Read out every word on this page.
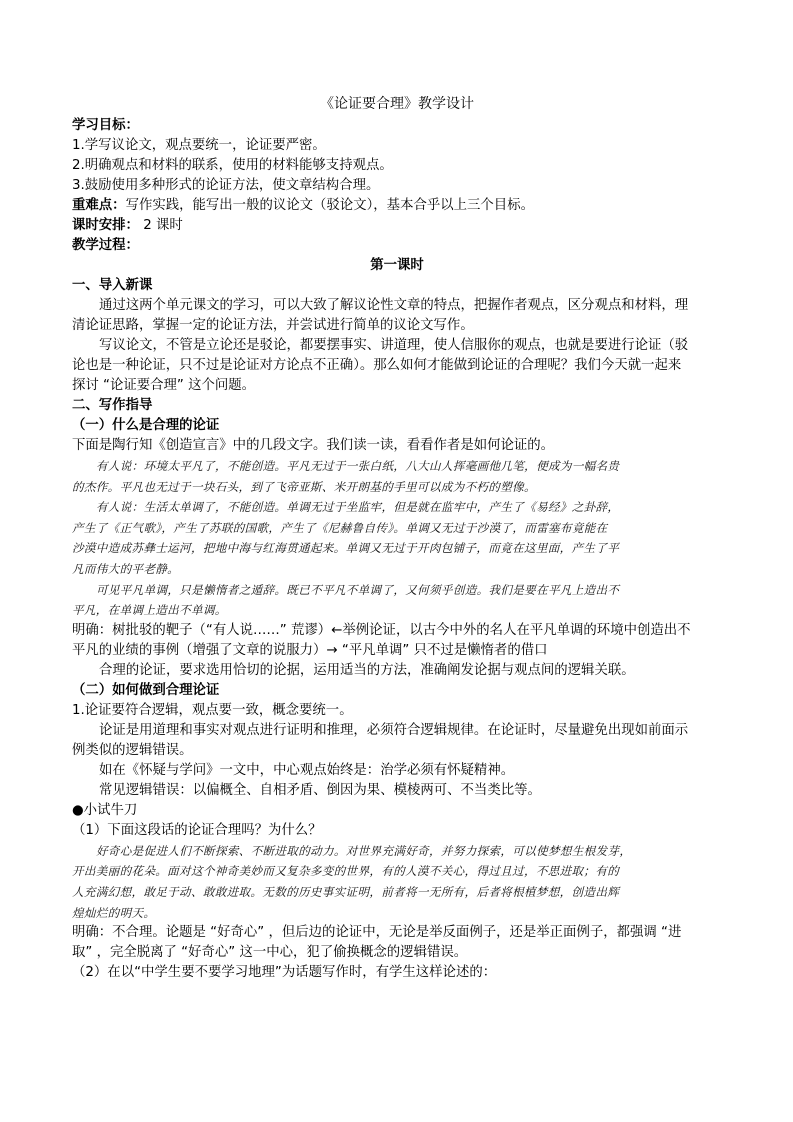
《论证要合理》教学设计

学习目标：

1.学写议论文，观点要统一，论证要严密。

2.明确观点和材料的联系，使用的材料能够支持观点。

3.鼓励使用多种形式的论证方法，使文章结构合理。

重难点：写作实践，能写出一般的议论文（驳论文），基本合乎以上三个目标。

课时安排： 2 课时

教学过程：

第一课时

一、导入新课

通过这两个单元课文的学习，可以大致了解议论性文章的特点，把握作者观点，区分观点和材料，理

清论证思路，掌握一定的论证方法，并尝试进行简单的议论文写作。

写议论文，不管是立论还是驳论，都要摆事实、讲道理，使人信服你的观点，也就是要进行论证（驳

论也是一种论证，只不过是论证对方论点不正确）。那么如何才能做到论证的合理呢？我们今天就一起来

探讨 “论证要合理” 这个问题。

二、写作指导

（一）什么是合理的论证

下面是陶行知《创造宣言》中的几段文字。我们读一读，看看作者是如何论证的。

有人说：环境太平凡了，不能创造。平凡无过于一张白纸，八大山人挥毫画他几笔，便成为一幅名贵

的杰作。平凡也无过于一块石头，到了飞帝亚斯、米开朗基的手里可以成为不朽的塑像。

有人说：生活太单调了，不能创造。单调无过于坐监牢，但是就在监牢中，产生了《易经》之卦辞，

产生了《正气歌》，产生了苏联的国歌，产生了《尼赫鲁自传》。单调又无过于沙漠了，而雷塞布竟能在

沙漠中造成苏彝士运河，把地中海与红海贯通起来。单调又无过于开肉包铺子，而竟在这里面，产生了平

凡而伟大的平老静。

可见平凡单调，只是懒惰者之遁辞。既已不平凡不单调了，又何须乎创造。我们是要在平凡上造出不

平凡，在单调上造出不单调。

明确：树批驳的靶子（“有人说……” 荒谬）←举例论证，以古今中外的名人在平凡单调的环境中创造出不

平凡的业绩的事例（增强了文章的说服力）→ “平凡单调” 只不过是懒惰者的借口

合理的论证，要求选用恰切的论据，运用适当的方法，准确阐发论据与观点间的逻辑关联。

（二）如何做到合理论证

1.论证要符合逻辑，观点要一致，概念要统一。

论证是用道理和事实对观点进行证明和推理，必须符合逻辑规律。在论证时，尽量避免出现如前面示

例类似的逻辑错误。

如在《怀疑与学问》一文中，中心观点始终是：治学必须有怀疑精神。

常见逻辑错误：以偏概全、自相矛盾、倒因为果、模棱两可、不当类比等。

●小试牛刀

（1）下面这段话的论证合理吗？为什么？

好奇心是促进人们不断探索、不断进取的动力。对世界充满好奇，并努力探索，可以使梦想生根发芽，

开出美丽的花朵。面对这个神奇美妙而又复杂多变的世界，有的人漠不关心，得过且过，不思进取；有的

人充满幻想，敢足于动、敢敢进取。无数的历史事实证明，前者将一无所有，后者将根植梦想，创造出辉

煌灿烂的明天。

明确：不合理。论题是 “好奇心” ，但后边的论证中，无论是举反面例子，还是举正面例子，都强调 “进

取” ，完全脱离了 “好奇心” 这一中心，犯了偷换概念的逻辑错误。

（2）在以“中学生要不要学习地理”为话题写作时，有学生这样论述的：
